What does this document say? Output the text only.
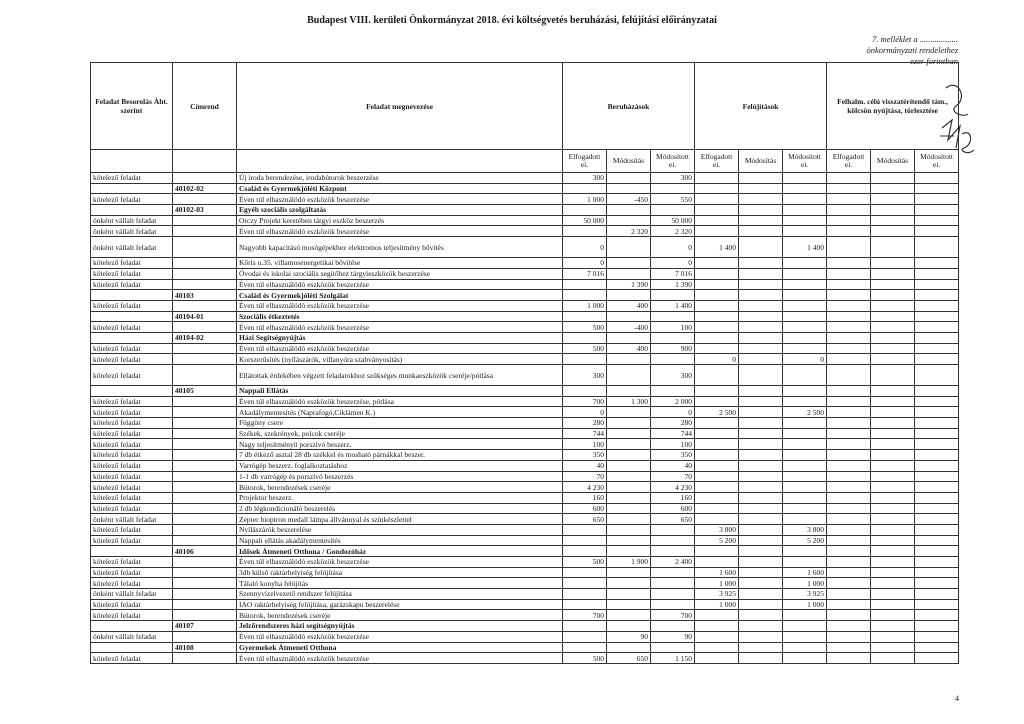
Budapest VIII. kerületi Önkormányzat 2018. évi költségvetés beruházási, felújítási előirányzatai
7. melléklet a ..................
önkormányzati rendelethez
ezer forintban
Feladat Besorolás Áht. szerint	Címrend	Feladat megnevezése	Beruházások			Felújítások			Felhalm. célú visszatérítendő tám., kölcsön nyújtása, törlesztése		
			Elfogadott ei.	Módosítás	Módosított ei.	Elfogadott ei.	Módosítás	Módosított ei.	Elfogadott ei.	Módosítás	Módosított ei.
kötelező feladat		Új iroda berendezése, irodabútorok beszerzése	300		300						
	40102-02	Család és Gyermekjóléti Központ									
kötelező feladat		Éven túl elhasználódó eszközök beszerzése	1 000	-450	550						
	40102-03	Egyéb szociális szolgáltatás									
önként vállalt feladat		Orczy Projekt keretében tárgyi eszköz beszerzés	50 000		50 000						
önként vállalt feladat		Éven túl elhasználódó eszközök beszerzése		2 320	2 320						
önként vállalt feladat		Nagyobb kapacitású mosógépekhez elektromos teljesítmény bővítés	0		0	1 400		1 400			
kötelező feladat		Kőris u.35. villamosenergetikai bővítése	0		0						
kötelező feladat		Óvodai és iskolai szociális segítőhez tárgyieszközök beszerzése	7 016		7 016						
kötelező feladat		Éven túl elhasználódó eszközök beszerzése		1 390	1 390						
	40103	Család és Gyermekjóléti Szolgálat									
kötelező feladat		Éven túl elhasználódó eszközök beszerzése	1 000	400	1 400						
	40104-01	Szociális étkeztetés									
kötelező feladat		Éven túl elhasználódó eszközök beszerzése	500	-400	100						
	40104-02	Házi Segítségnyújtás									
kötelező feladat		Éven túl elhasználódó eszközök beszerzése	500	400	900						
kötelező feladat		Korszerűsítés (nyílászárók, villanyóra szabványosítás)				0		0			
kötelező feladat		Ellátottak érdekében végzett feladatokhoz szükséges munkaeszközök cseréje/pótlása	300		300						
	40105	Nappali Ellátás									
kötelező feladat		Éven túl elhasználódó eszközök beszerzése, pótlása	700	1 300	2 000						
kötelező feladat		Akadálymentesítés (Naprafogó,Ciklámen K.)	0		0	2 500		2 500			
kötelező feladat		Függöny csere	280		280						
kötelező feladat		Székek, szekrények, polcok cseréje	744		744						
kötelező feladat		Nagy teljesítményű porszívó beszerz.	100		100						
kötelező feladat		7 db étkező asztal 28 db székkel és mosható párnákkal beszer.	350		350						
kötelező feladat		Varrógép beszerz. foglalkoztatáshoz	40		40						
kötelező feladat		1-1 db varrógép és porszívó beszerzés	70		70						
kötelező feladat		Bútorok, berendezések cseréje	4 230		4 230						
kötelező feladat		Projektor beszerz.	160		160						
kötelező feladat		2 db légkondicionáló beszerelés	600		600						
önként vállalt feladat		Zepter bioptron medall lámpa állvánnyal és színkészlettel	650		650						
kötelező feladat		Nyílászárók beszerelése				3 800		3 800			
kötelező feladat		Nappali ellátás akadálymentesítés				5 200		5 200			
	40106	Idősek Átmeneti Otthona / Gondozóház									
kötelező feladat		Éven túl elhasználódó eszközök beszerzése	500	1 900	2 400						
kötelező feladat		3db külső raktárhelyiség felújítása				1 600		1 600			
kötelező feladat		Tálaló konyha felújítás				1 000		1 000			
önként vállalt feladat		Szennyvízelvezető rendszer felújítása				3 925		3 925			
kötelező feladat		IAO raktárhelyiség felújítása, garázskapu beszerelése				1 000		1 000			
kötelező feladat		Bútorok, berendezések cseréje	700		700						
	40107	Jelzőrendszeres házi segítségnyújtás									
önként vállalt feladat		Éven túl elhasználódó eszközök beszerzése		90	90						
	40108	Gyermekek Átmeneti Otthona									
kötelező feladat		Éven túl elhasználódó eszközök beszerzése	500	650	1 150						
4
